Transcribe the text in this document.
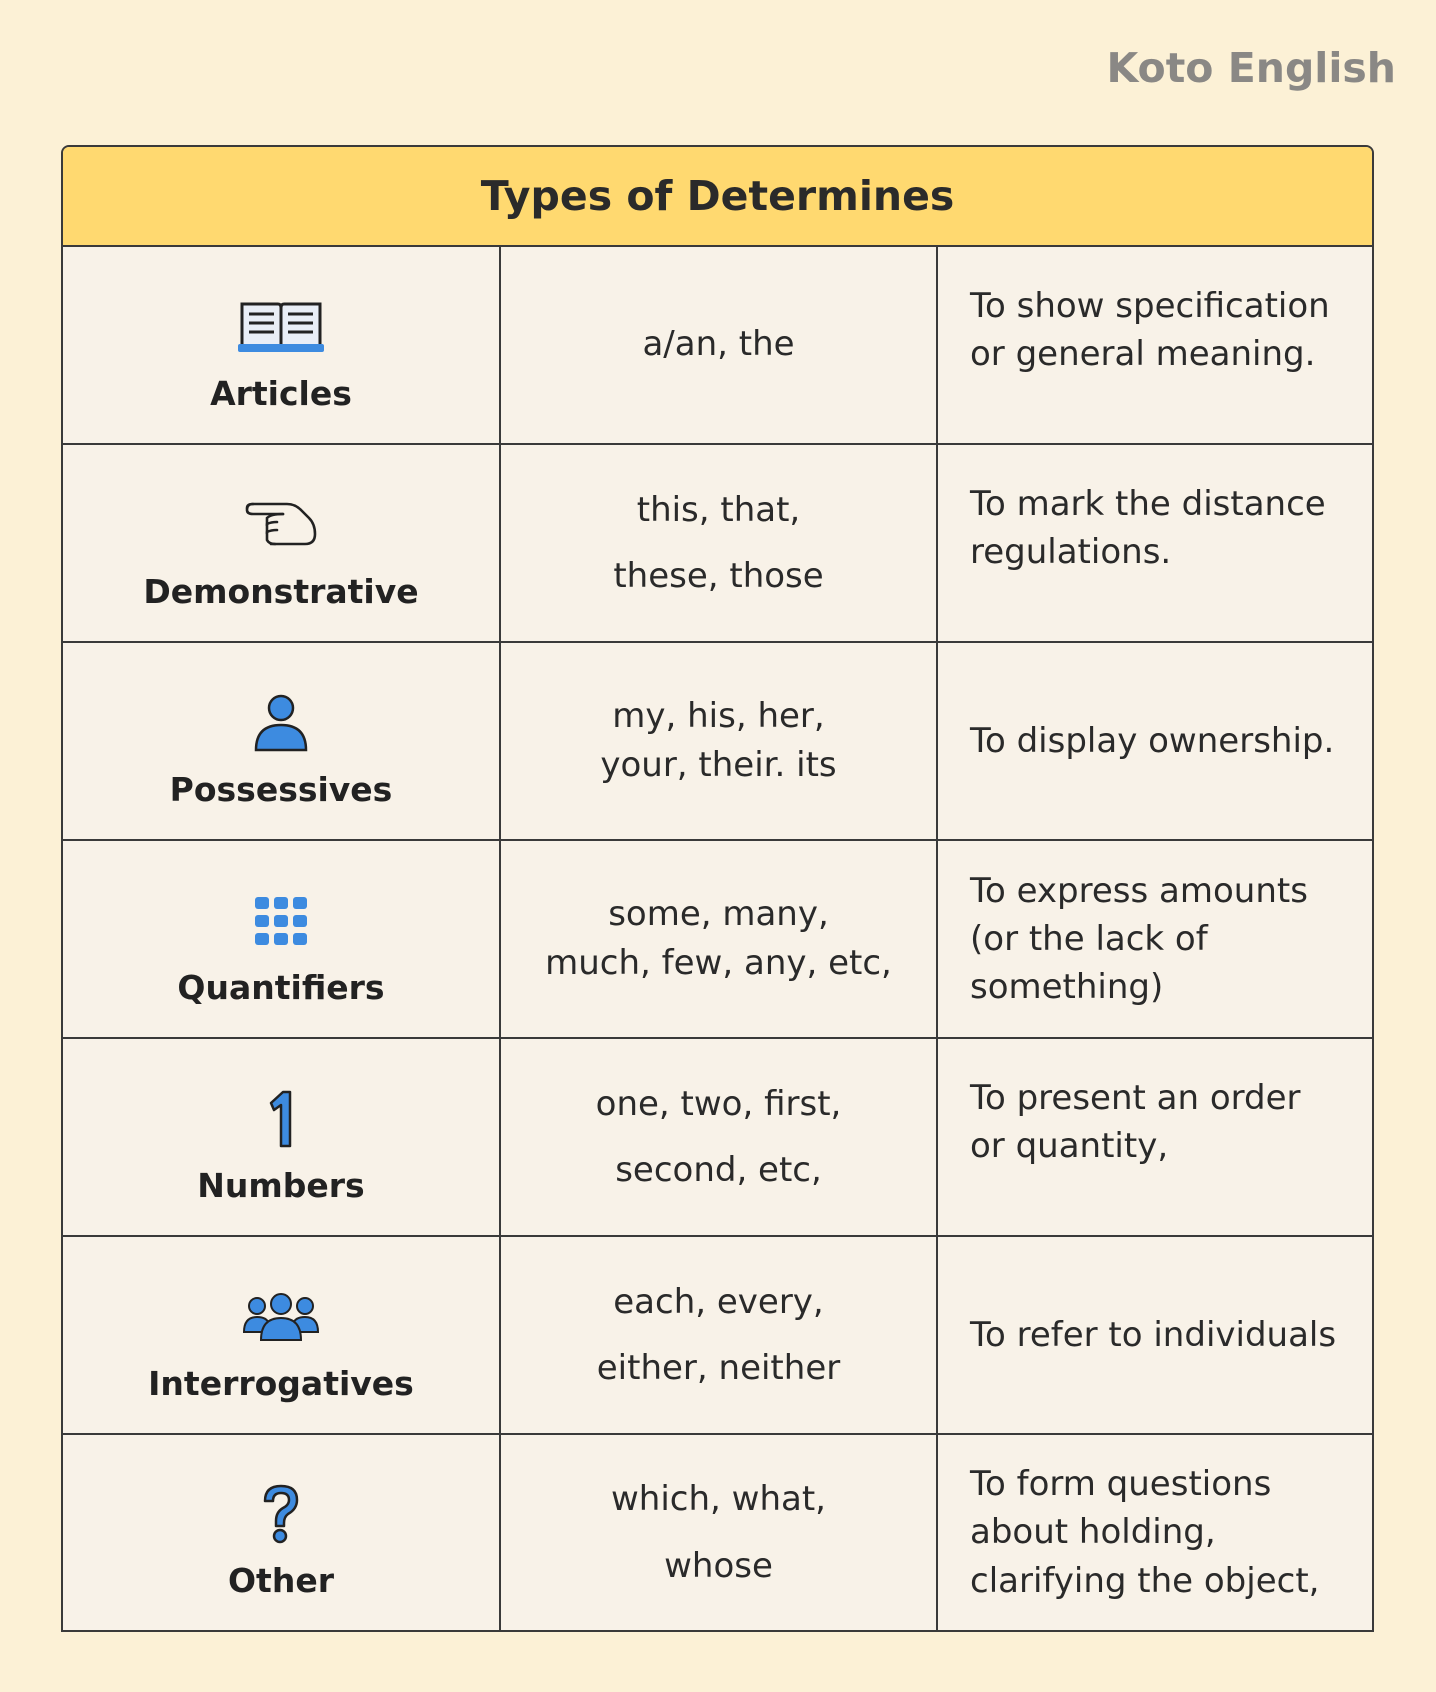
Koto English
Types of Determines
Articles
a/an, the
To show specification or general meaning.
Demonstrative
this, that,
these, those
To mark the distance regulations.
Possessives
my, his, her,
your, their. its
To display ownership.
Quantifiers
some, many,
much, few, any, etc,
To express amounts (or the lack of something)
Numbers
one, two, first,
second, etc,
To present an order or quantity,
Interrogatives
each, every,
either, neither
To refer to individuals
Other
which, what,
whose
To form questions about holding, clarifying the object,
